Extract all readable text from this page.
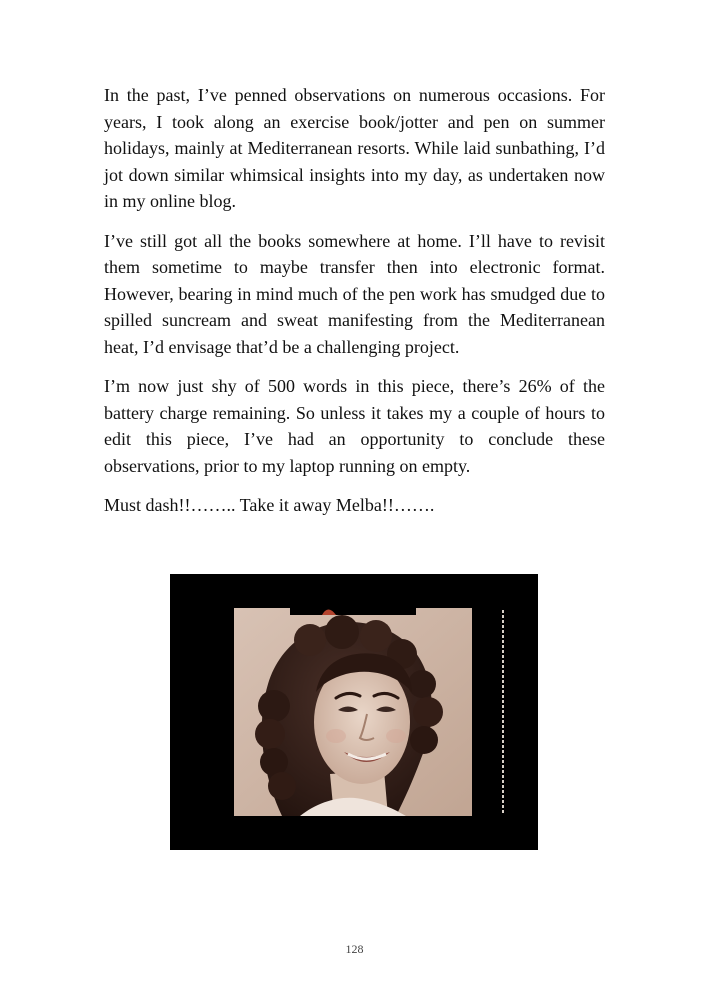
In the past, I’ve penned observations on numerous occasions. For years, I took along an exercise book/jotter and pen on summer holidays, mainly at Mediterranean resorts. While laid sunbathing, I’d jot down similar whimsical insights into my day, as undertaken now in my online blog.

I’ve still got all the books somewhere at home. I’ll have to revisit them sometime to maybe transfer then into electronic format. However, bearing in mind much of the pen work has smudged due to spilled suncream and sweat manifesting from the Mediterranean heat, I’d envisage that’d be a challenging project.

I’m now just shy of 500 words in this piece, there’s 26% of the battery charge remaining. So unless it takes my a couple of hours to edit this piece, I’ve had an opportunity to conclude these observations, prior to my laptop running on empty.

Must dash!!…….. Take it away Melba!!…….

128
